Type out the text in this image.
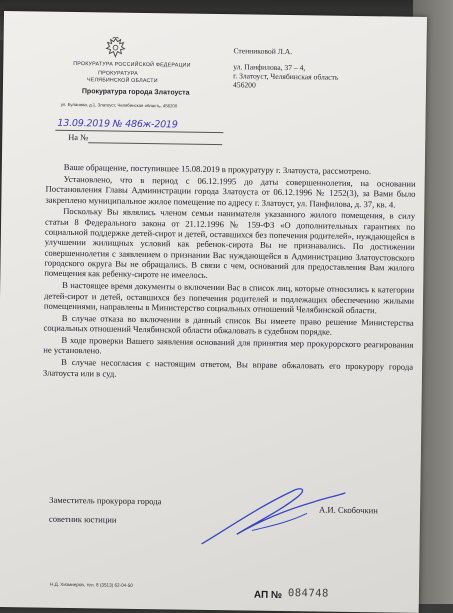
ПРОКУРАТУРА РОССИЙСКОЙ ФЕДЕРАЦИИ
ПРОКУРАТУРА
ЧЕЛЯБИНСКОЙ ОБЛАСТИ
Прокуратура города Златоуста
ул. Буланова, д.1, Златоуст, Челябинская область, 456200
Стенниковой Л.А.
ул. Панфилова, 37 – 4,
г. Златоуст, Челябинская область
456200
13.09.2019 № 486ж-2019
На №

Ваше обращение, поступившее 15.08.2019 в прокуратуру г. Златоуста, рассмотрено.

Установлено, что в период с 06.12.1995 до даты совершеннолетия, на основании Постановления Главы Администрации города Златоуста от 06.12.1996 № 1252(3), за Вами было закреплено муниципальное жилое помещение по адресу г. Златоуст, ул. Панфилова, д. 37, кв. 4.

Поскольку Вы являлись членом семьи нанимателя указанного жилого помещения, в силу статьи 8 Федерального закона от 21.12.1996 № 159-ФЗ «О дополнительных гарантиях по социальной поддержке детей-сирот и детей, оставшихся без попечения родителей», нуждающейся в улучшении жилищных условий как ребенок-сирота Вы не признавались. По достижении совершеннолетия с заявлением о признании Вас нуждающейся в Администрацию Златоустовского городского округа Вы не обращались. В связи с чем, оснований для предоставления Вам жилого помещения как ребенку-сироте не имеелось.

В настоящее время документы о включении Вас в список лиц, которые относились к категории детей-сирот и детей, оставшихся без попечения родителей и подлежащих обеспечению жилыми помещениями, направлены в Министерство социальных отношений Челябинской области.

В случае отказа во включении в данный список Вы имеете право решение Министерства социальных отношений Челябинской области обжаловать в судебном порядке.

В ходе проверки Вашего заявления оснований для принятия мер прокурорского реагирования не установлено.

В случае несогласия с настоящим ответом, Вы вправе обжаловать его прокурору города Златоуста или в суд.

Заместитель прокурора города
советник юстиции
А.И. Скобочкин
Н.Д. Хизмиеров, тел. 8 (3513) 62-04-50
АП № 084748
